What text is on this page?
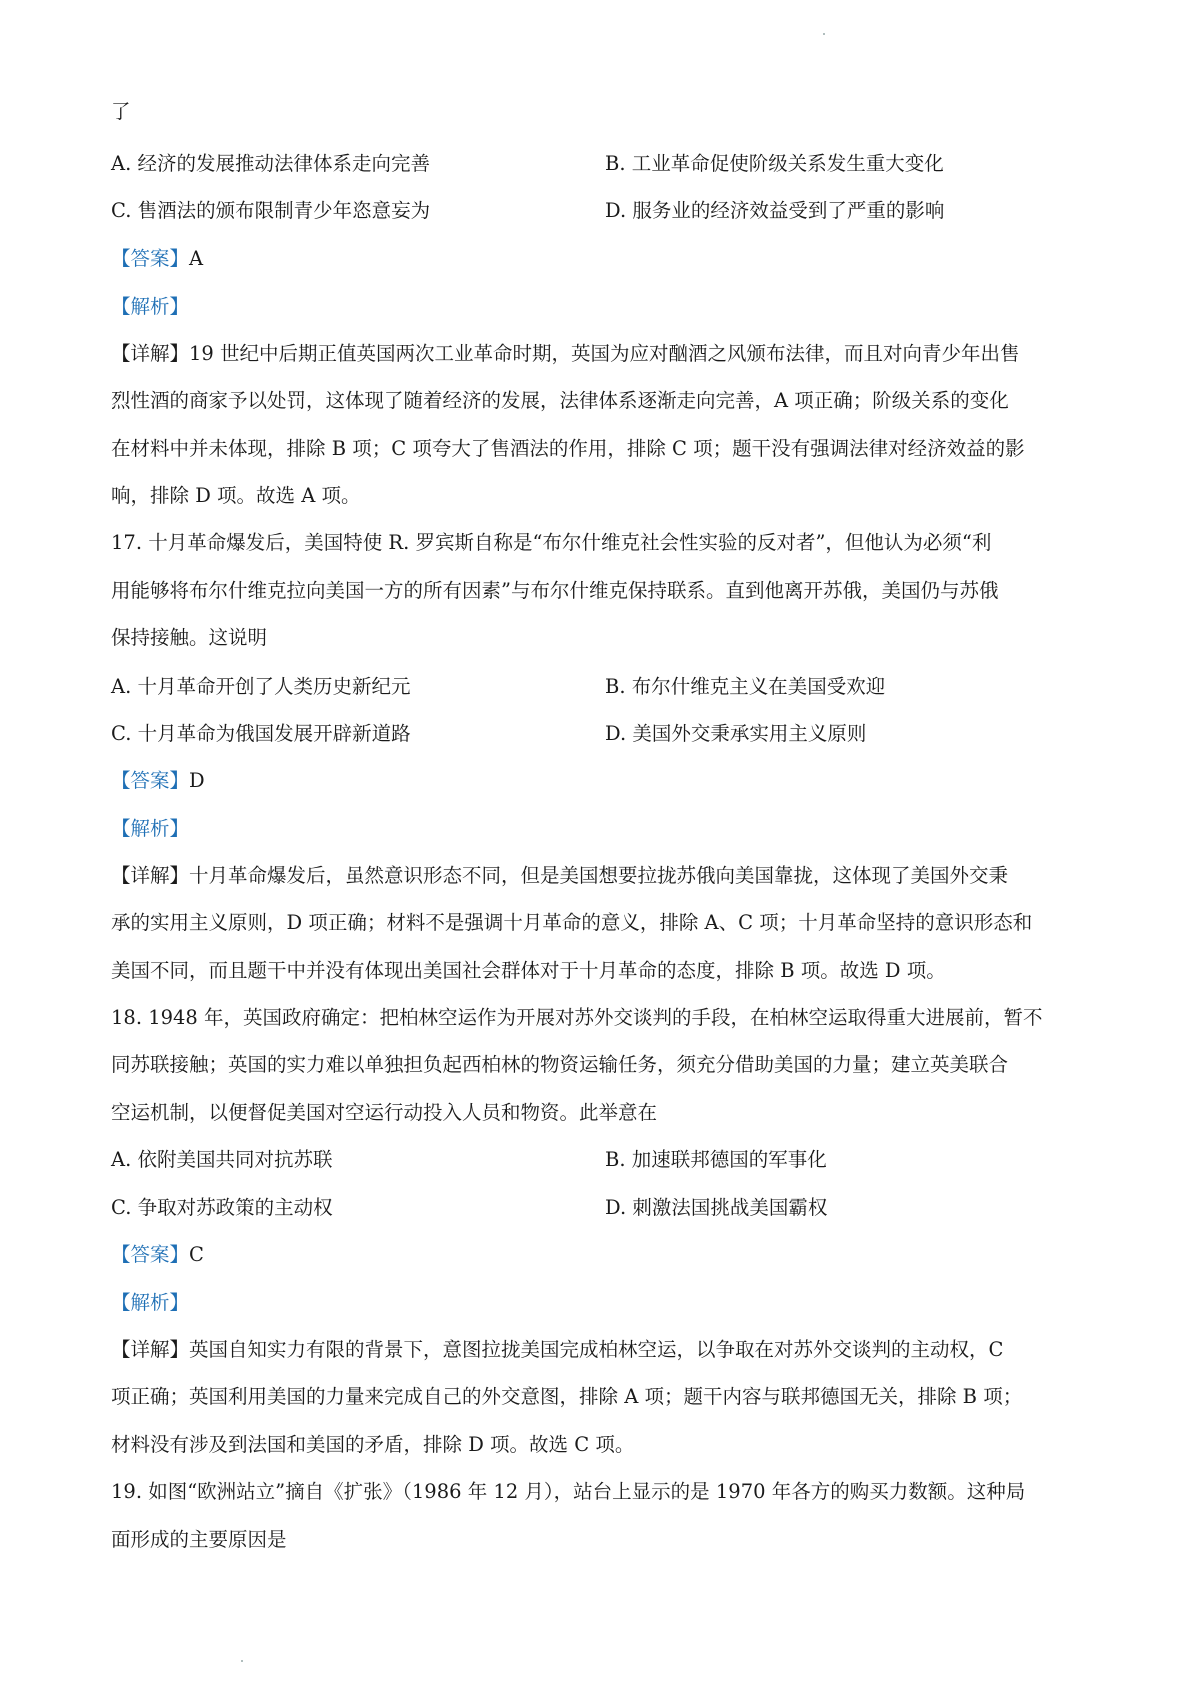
了
A. 经济的发展推动法律体系走向完善	B. 工业革命促使阶级关系发生重大变化
C. 售酒法的颁布限制青少年恣意妄为	D. 服务业的经济效益受到了严重的影响
【答案】A
【解析】
【详解】19 世纪中后期正值英国两次工业革命时期，英国为应对酗酒之风颁布法律，而且对向青少年出售
烈性酒的商家予以处罚，这体现了随着经济的发展，法律体系逐渐走向完善，A 项正确；阶级关系的变化
在材料中并未体现，排除 B 项；C 项夸大了售酒法的作用，排除 C 项；题干没有强调法律对经济效益的影
响，排除 D 项。故选 A 项。
17. 十月革命爆发后，美国特使 R. 罗宾斯自称是“布尔什维克社会性实验的反对者”，但他认为必须“利
用能够将布尔什维克拉向美国一方的所有因素”与布尔什维克保持联系。直到他离开苏俄，美国仍与苏俄
保持接触。这说明
A. 十月革命开创了人类历史新纪元	B. 布尔什维克主义在美国受欢迎
C. 十月革命为俄国发展开辟新道路	D. 美国外交秉承实用主义原则
【答案】D
【解析】
【详解】十月革命爆发后，虽然意识形态不同，但是美国想要拉拢苏俄向美国靠拢，这体现了美国外交秉
承的实用主义原则，D 项正确；材料不是强调十月革命的意义，排除 A、C 项；十月革命坚持的意识形态和
美国不同，而且题干中并没有体现出美国社会群体对于十月革命的态度，排除 B 项。故选 D 项。
18. 1948 年，英国政府确定：把柏林空运作为开展对苏外交谈判的手段，在柏林空运取得重大进展前，暂不
同苏联接触；英国的实力难以单独担负起西柏林的物资运输任务，须充分借助美国的力量；建立英美联合
空运机制，以便督促美国对空运行动投入人员和物资。此举意在
A. 依附美国共同对抗苏联	B. 加速联邦德国的军事化
C. 争取对苏政策的主动权	D. 刺激法国挑战美国霸权
【答案】C
【解析】
【详解】英国自知实力有限的背景下，意图拉拢美国完成柏林空运，以争取在对苏外交谈判的主动权，C
项正确；英国利用美国的力量来完成自己的外交意图，排除 A 项；题干内容与联邦德国无关，排除 B 项；
材料没有涉及到法国和美国的矛盾，排除 D 项。故选 C 项。
19. 如图“欧洲站立”摘自《扩张》（1986 年 12 月），站台上显示的是 1970 年各方的购买力数额。这种局
面形成的主要原因是
